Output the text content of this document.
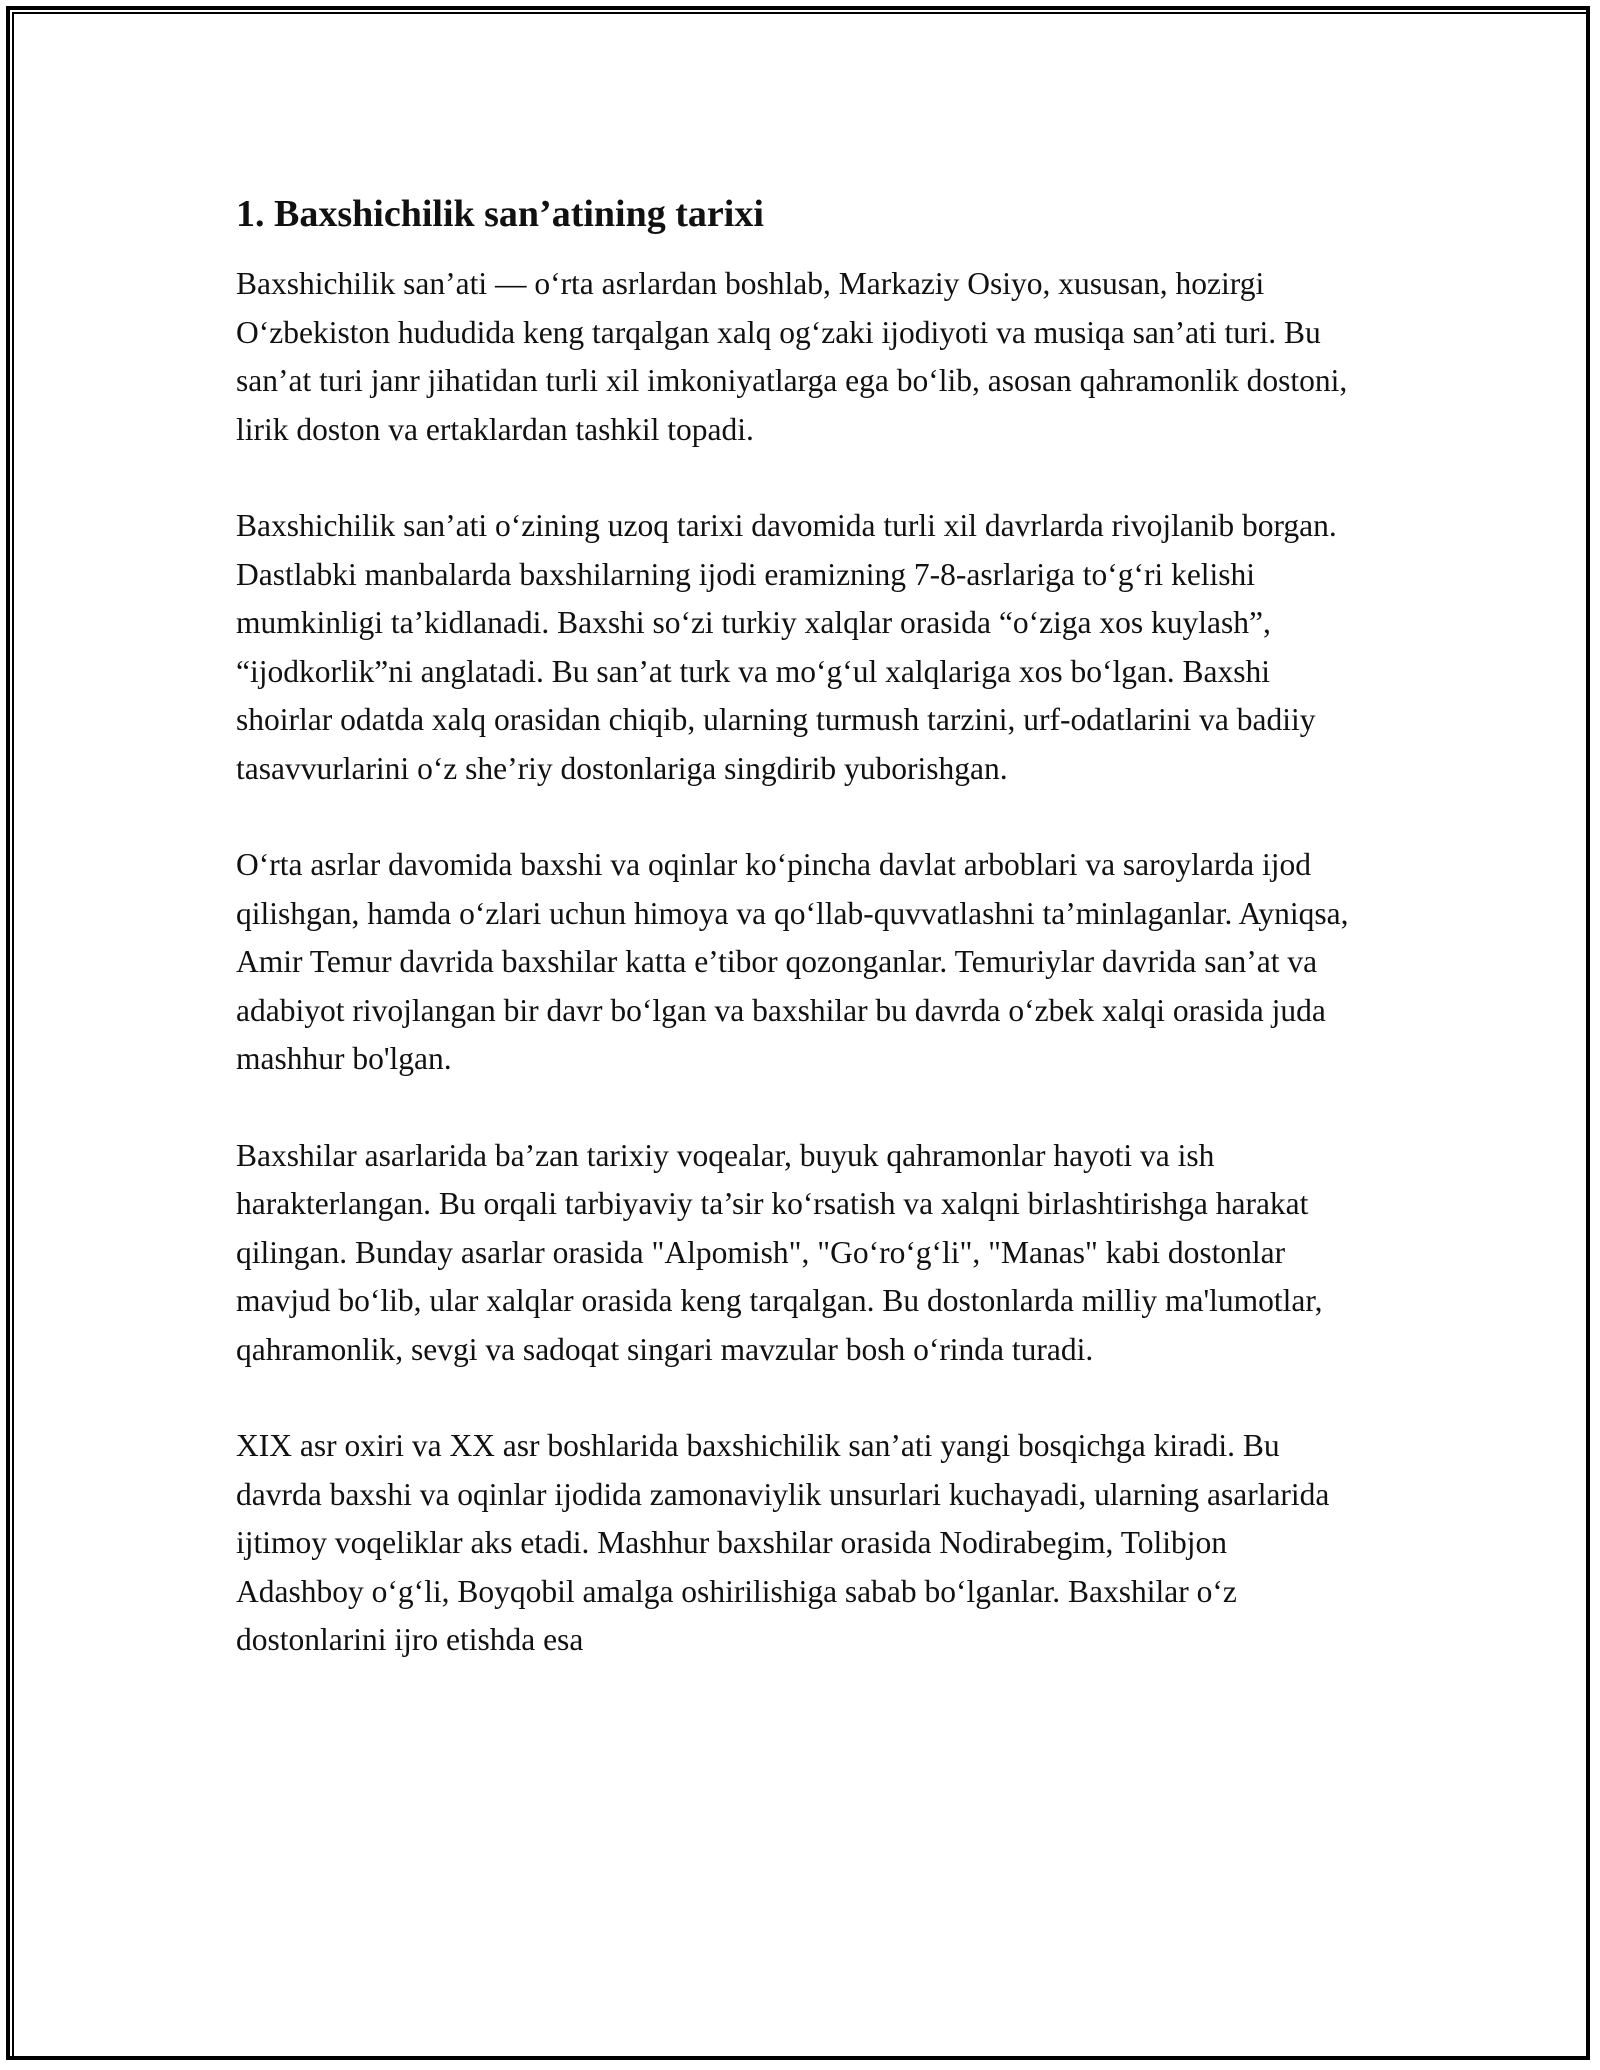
1. Baxshichilik san’atining tarixi

Baxshichilik san’ati — o‘rta asrlardan boshlab, Markaziy Osiyo, xususan, hozirgi O‘zbekiston hududida keng tarqalgan xalq og‘zaki ijodiyoti va musiqa san’ati turi. Bu san’at turi janr jihatidan turli xil imkoniyatlarga ega bo‘lib, asosan qahramonlik dostoni, lirik doston va ertaklardan tashkil topadi.

Baxshichilik san’ati o‘zining uzoq tarixi davomida turli xil davrlarda rivojlanib borgan. Dastlabki manbalarda baxshilarning ijodi eramizning 7-8-asrlariga to‘g‘ri kelishi mumkinligi ta’kidlanadi. Baxshi so‘zi turkiy xalqlar orasida “o‘ziga xos kuylash”, “ijodkorlik”ni anglatadi. Bu san’at turk va mo‘g‘ul xalqlariga xos bo‘lgan. Baxshi shoirlar odatda xalq orasidan chiqib, ularning turmush tarzini, urf-odatlarini va badiiy tasavvurlarini o‘z she’riy dostonlariga singdirib yuborishgan.

O‘rta asrlar davomida baxshi va oqinlar ko‘pincha davlat arboblari va saroylarda ijod qilishgan, hamda o‘zlari uchun himoya va qo‘llab-quvvatlashni ta’minlaganlar. Ayniqsa, Amir Temur davrida baxshilar katta e’tibor qozonganlar. Temuriylar davrida san’at va adabiyot rivojlangan bir davr bo‘lgan va baxshilar bu davrda o‘zbek xalqi orasida juda mashhur bo'lgan.

Baxshilar asarlarida ba’zan tarixiy voqealar, buyuk qahramonlar hayoti va ish harakterlangan. Bu orqali tarbiyaviy ta’sir ko‘rsatish va xalqni birlashtirishga harakat qilingan. Bunday asarlar orasida "Alpomish", "Go‘ro‘g‘li", "Manas" kabi dostonlar mavjud bo‘lib, ular xalqlar orasida keng tarqalgan. Bu dostonlarda milliy ma'lumotlar, qahramonlik, sevgi va sadoqat singari mavzular bosh o‘rinda turadi.

XIX asr oxiri va XX asr boshlarida baxshichilik san’ati yangi bosqichga kiradi. Bu davrda baxshi va oqinlar ijodida zamonaviylik unsurlari kuchayadi, ularning asarlarida ijtimoy voqeliklar aks etadi. Mashhur baxshilar orasida Nodirabegim, Tolibjon Adashboy o‘g‘li, Boyqobil amalga oshirilishiga sabab bo‘lganlar. Baxshilar o‘z dostonlarini ijro etishda esa
